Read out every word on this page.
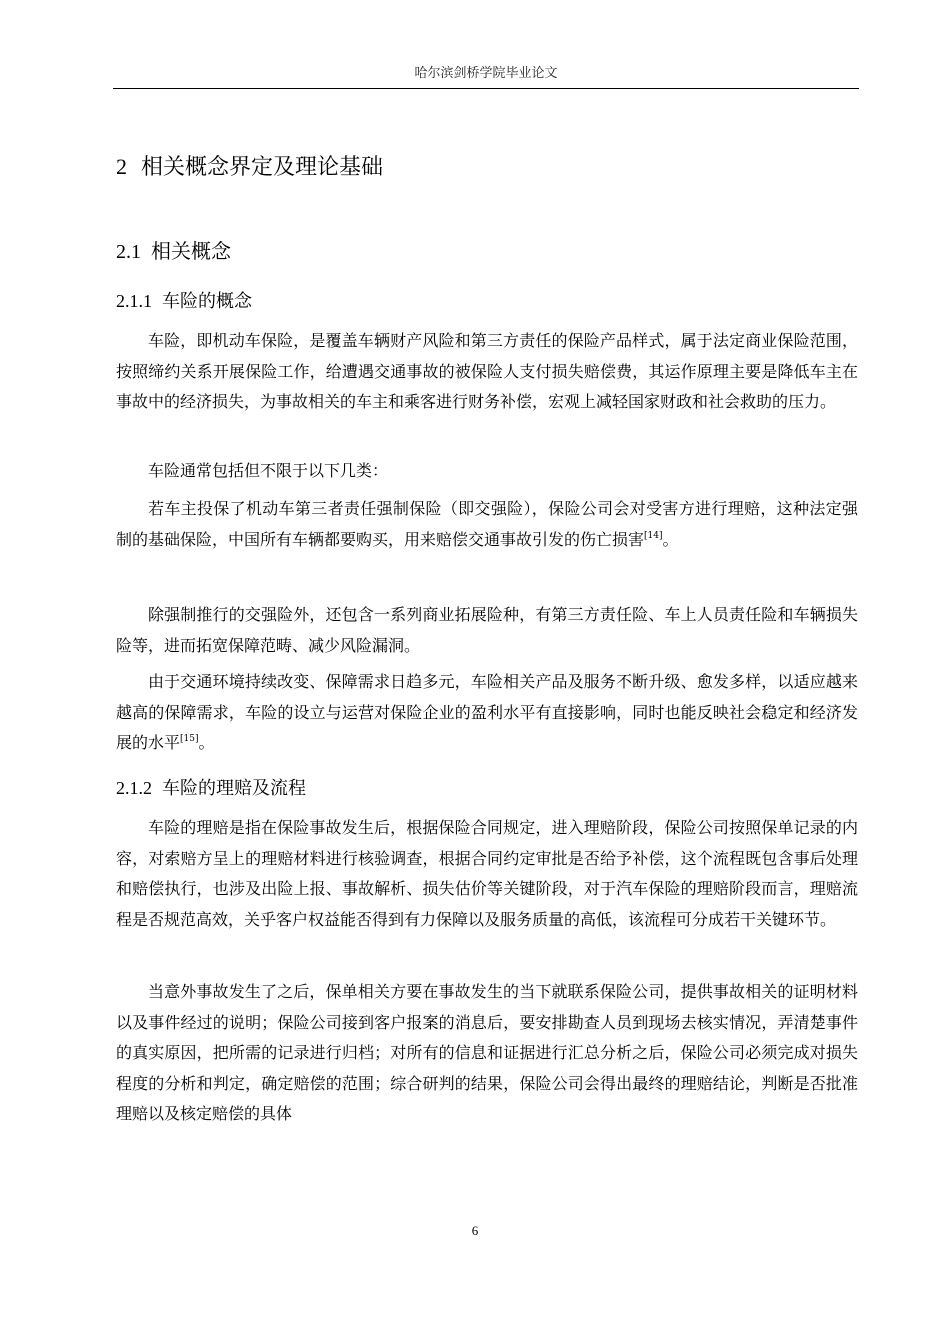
哈尔滨剑桥学院毕业论文
2 相关概念界定及理论基础
2.1 相关概念
2.1.1 车险的概念

车险，即机动车保险，是覆盖车辆财产风险和第三方责任的保险产品样式，属于法定商业保险范围，按照缔约关系开展保险工作，给遭遇交通事故的被保险人支付损失赔偿费，其运作原理主要是降低车主在事故中的经济损失，为事故相关的车主和乘客进行财务补偿，宏观上减轻国家财政和社会救助的压力。

车险通常包括但不限于以下几类：

若车主投保了机动车第三者责任强制保险（即交强险），保险公司会对受害方进行理赔，这种法定强制的基础保险，中国所有车辆都要购买，用来赔偿交通事故引发的伤亡损害[14]。

除强制推行的交强险外，还包含一系列商业拓展险种，有第三方责任险、车上人员责任险和车辆损失险等，进而拓宽保障范畴、减少风险漏洞。

由于交通环境持续改变、保障需求日趋多元，车险相关产品及服务不断升级、愈发多样，以适应越来越高的保障需求，车险的设立与运营对保险企业的盈利水平有直接影响，同时也能反映社会稳定和经济发展的水平[15]。

2.1.2 车险的理赔及流程

车险的理赔是指在保险事故发生后，根据保险合同规定，进入理赔阶段，保险公司按照保单记录的内容，对索赔方呈上的理赔材料进行核验调查，根据合同约定审批是否给予补偿，这个流程既包含事后处理和赔偿执行，也涉及出险上报、事故解析、损失估价等关键阶段，对于汽车保险的理赔阶段而言，理赔流程是否规范高效，关乎客户权益能否得到有力保障以及服务质量的高低，该流程可分成若干关键环节。

当意外事故发生了之后，保单相关方要在事故发生的当下就联系保险公司，提供事故相关的证明材料以及事件经过的说明；保险公司接到客户报案的消息后，要安排勘查人员到现场去核实情况，弄清楚事件的真实原因，把所需的记录进行归档；对所有的信息和证据进行汇总分析之后，保险公司必须完成对损失程度的分析和判定，确定赔偿的范围；综合研判的结果，保险公司会得出最终的理赔结论，判断是否批准理赔以及核定赔偿的具体

6
